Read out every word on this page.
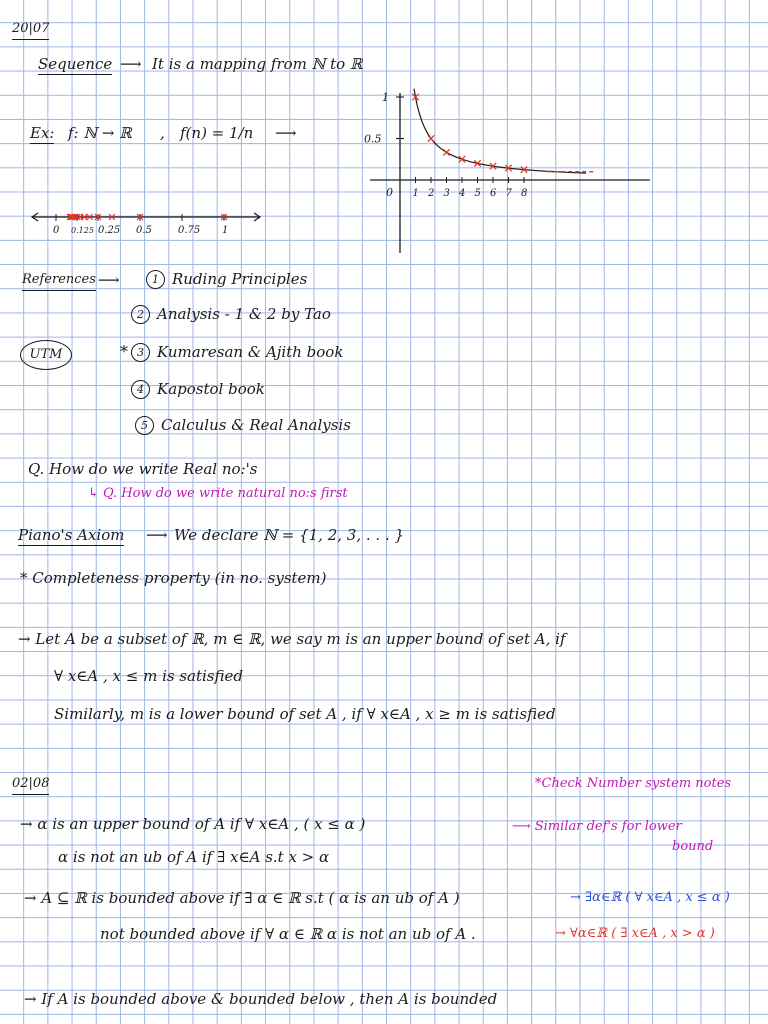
20|07
Sequence ⟶ It is a mapping from ℕ to ℝ
Ex: f: ℕ → ℝ , f(n) = 1/n ⟶
1
0.5
0 1 2 3 4 5 6 7 8
0 0.125 0.25 0.5	0.75 1
References ⟶
UTM	*
1 Ruding Principles
2 Analysis - 1 & 2 by Tao
3 Kumaresan & Ajith book
4 Kapostol book
5 Calculus & Real Analysis
Q. How do we write Real no:'s
↳ Q. How do we write natural no:s first
Piano's Axiom ⟶ We declare ℕ = {1, 2, 3, . . . }
* Completeness property (in no. system)
→ Let A be a subset of ℝ, m ∈ ℝ, we say m is an upper bound of set A, if
∀ x∈A , x ≤ m is satisfied
Similarly, m is a lower bound of set A , if ∀ x∈A , x ≥ m is satisfied
02|08	*Check Number system notes
⟶ Similar def's for lower
bound
→ α is an upper bound of A if ∀ x∈A , ( x ≤ α )
α is not an ub of A if ∃ x∈A s.t x > α
→ A ⊆ ℝ is bounded above if ∃ α ∈ ℝ s.t ( α is an ub of A )	→ ∃α∈ℝ ( ∀ x∈A , x ≤ α )
not bounded above if ∀ α ∈ ℝ α is not an ub of A .	→ ∀α∈ℝ ( ∃ x∈A , x > α )
→ If A is bounded above & bounded below , then A is bounded
